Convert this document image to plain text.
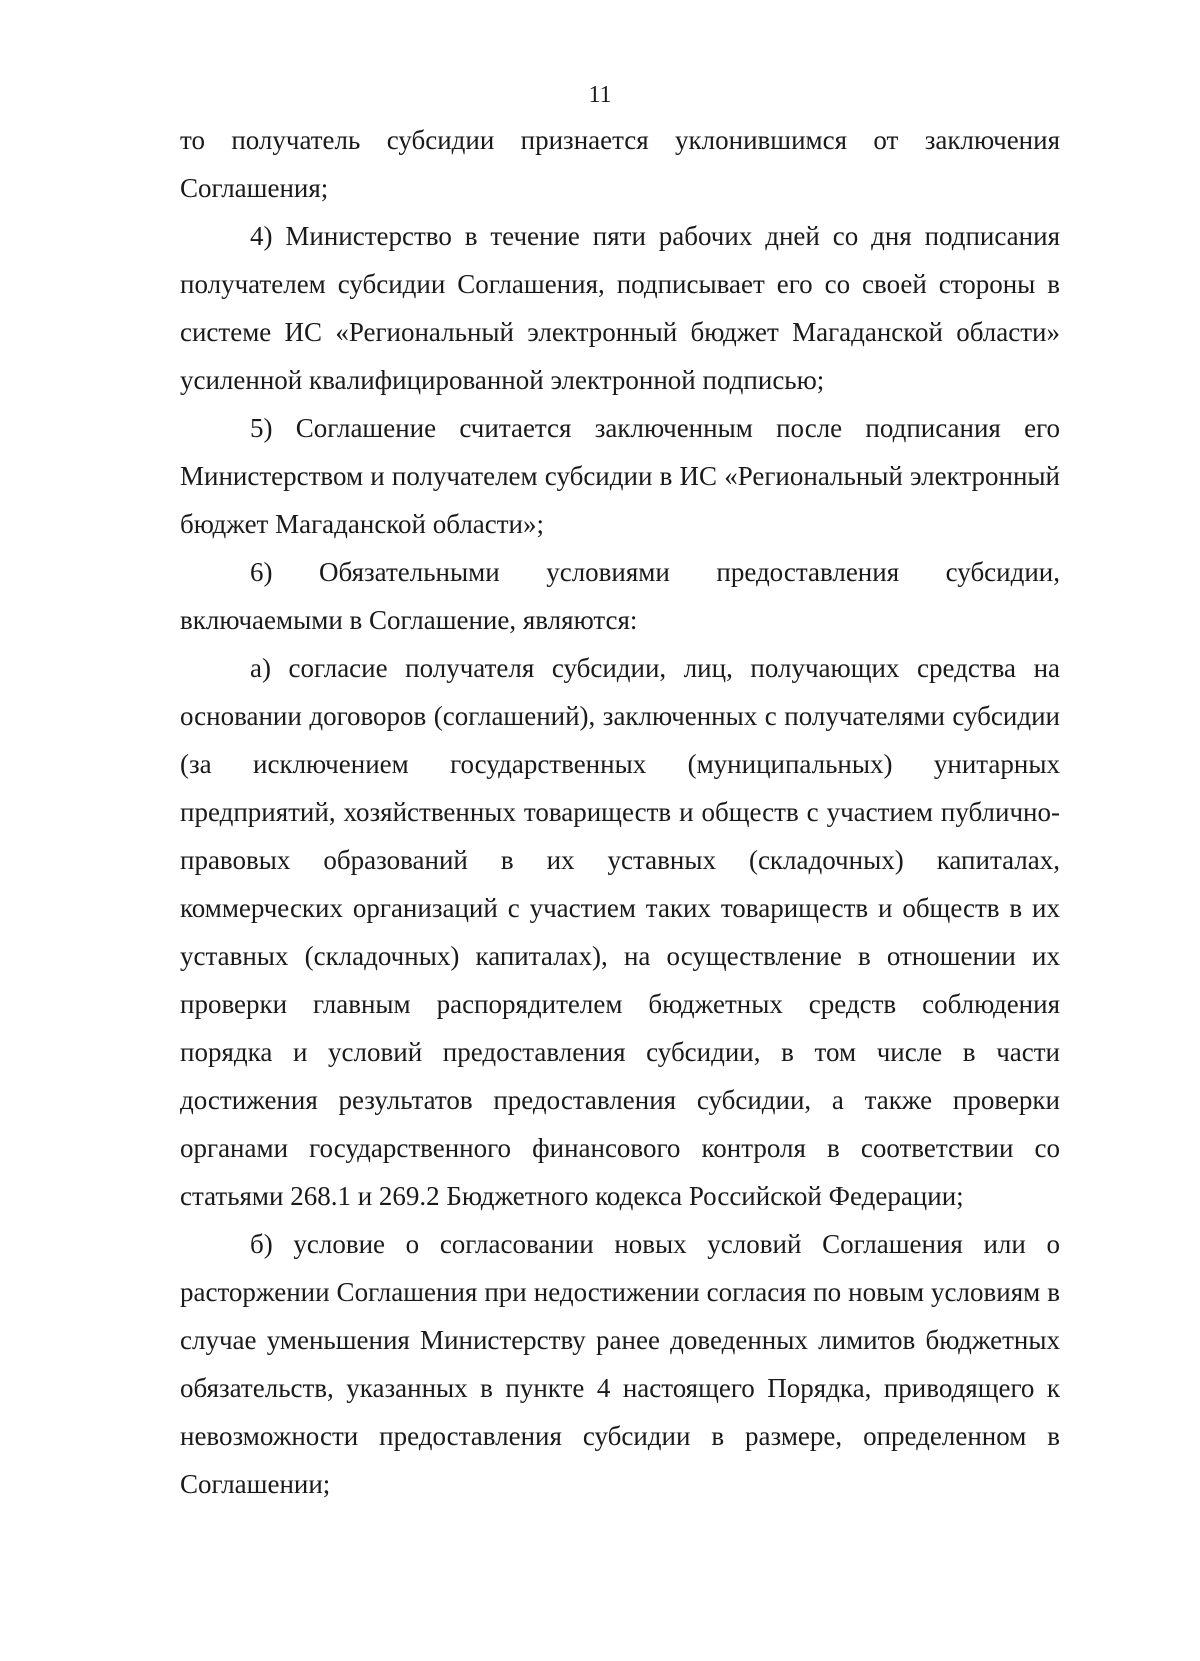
11

то получатель субсидии признается уклонившимся от заключения Соглашения;

4) Министерство в течение пяти рабочих дней со дня подписания получателем субсидии Соглашения, подписывает его со своей стороны в системе ИС «Региональный электронный бюджет Магаданской области» усиленной квалифицированной электронной подписью;

5) Соглашение считается заключенным после подписания его Министерством и получателем субсидии в ИС «Региональный электронный бюджет Магаданской области»;

6) Обязательными условиями предоставления субсидии, включаемыми в Соглашение, являются:

а) согласие получателя субсидии, лиц, получающих средства на основании договоров (соглашений), заключенных с получателями субсидии (за исключением государственных (муниципальных) унитарных предприятий, хозяйственных товариществ и обществ с участием публично-правовых образований в их уставных (складочных) капиталах, коммерческих организаций с участием таких товариществ и обществ в их уставных (складочных) капиталах), на осуществление в отношении их проверки главным распорядителем бюджетных средств соблюдения порядка и условий предоставления субсидии, в том числе в части достижения результатов предоставления субсидии, а также проверки органами государственного финансового контроля в соответствии со статьями 268.1 и 269.2 Бюджетного кодекса Российской Федерации;

б) условие о согласовании новых условий Соглашения или о расторжении Соглашения при недостижении согласия по новым условиям в случае уменьшения Министерству ранее доведенных лимитов бюджетных обязательств, указанных в пункте 4 настоящего Порядка, приводящего к невозможности предоставления субсидии в размере, определенном в Соглашении;
